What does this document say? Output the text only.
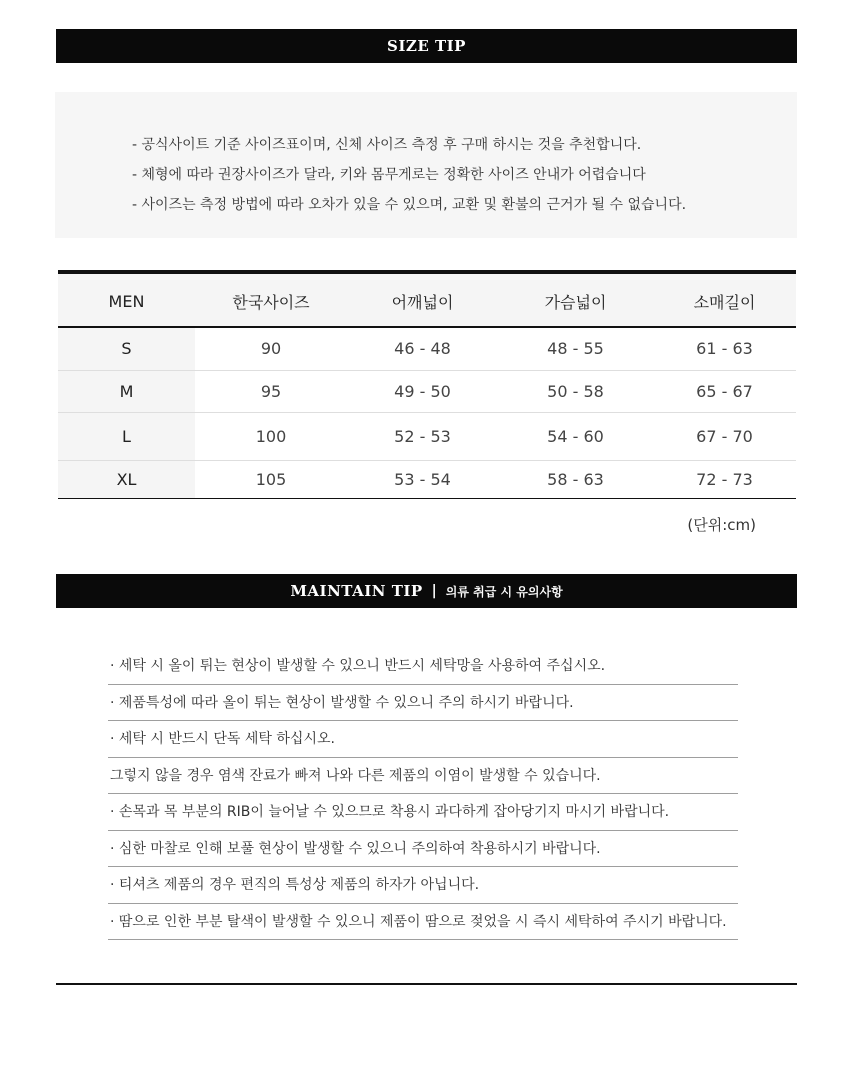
SIZE TIP
- 공식사이트 기준 사이즈표이며, 신체 사이즈 측정 후 구매 하시는 것을 추천합니다.
- 체형에 따라 권장사이즈가 달라, 키와 몸무게로는 정확한 사이즈 안내가 어렵습니다
- 사이즈는 측정 방법에 따라 오차가 있을 수 있으며, 교환 및 환불의 근거가 될 수 없습니다.
MEN	한국사이즈	어깨넓이	가슴넓이	소매길이
S	90	46 - 48	48 - 55	61 - 63
M	95	49 - 50	50 - 58	65 - 67
L	100	52 - 53	54 - 60	67 - 70
XL	105	53 - 54	58 - 63	72 - 73
(단위:cm)
MAINTAIN TIP | 의류 취급 시 유의사항
· 세탁 시 올이 튀는 현상이 발생할 수 있으니 반드시 세탁망을 사용하여 주십시오.
· 제품특성에 따라 올이 튀는 현상이 발생할 수 있으니 주의 하시기 바랍니다.
· 세탁 시 반드시 단독 세탁 하십시오.
그렇지 않을 경우 염색 잔료가 빠져 나와 다른 제품의 이염이 발생할 수 있습니다.
· 손목과 목 부분의 RIB이 늘어날 수 있으므로 착용시 과다하게 잡아당기지 마시기 바랍니다.
· 심한 마찰로 인해 보풀 현상이 발생할 수 있으니 주의하여 착용하시기 바랍니다.
· 티셔츠 제품의 경우 편직의 특성상 제품의 하자가 아닙니다.
· 땀으로 인한 부분 탈색이 발생할 수 있으니 제품이 땀으로 젖었을 시 즉시 세탁하여 주시기 바랍니다.
